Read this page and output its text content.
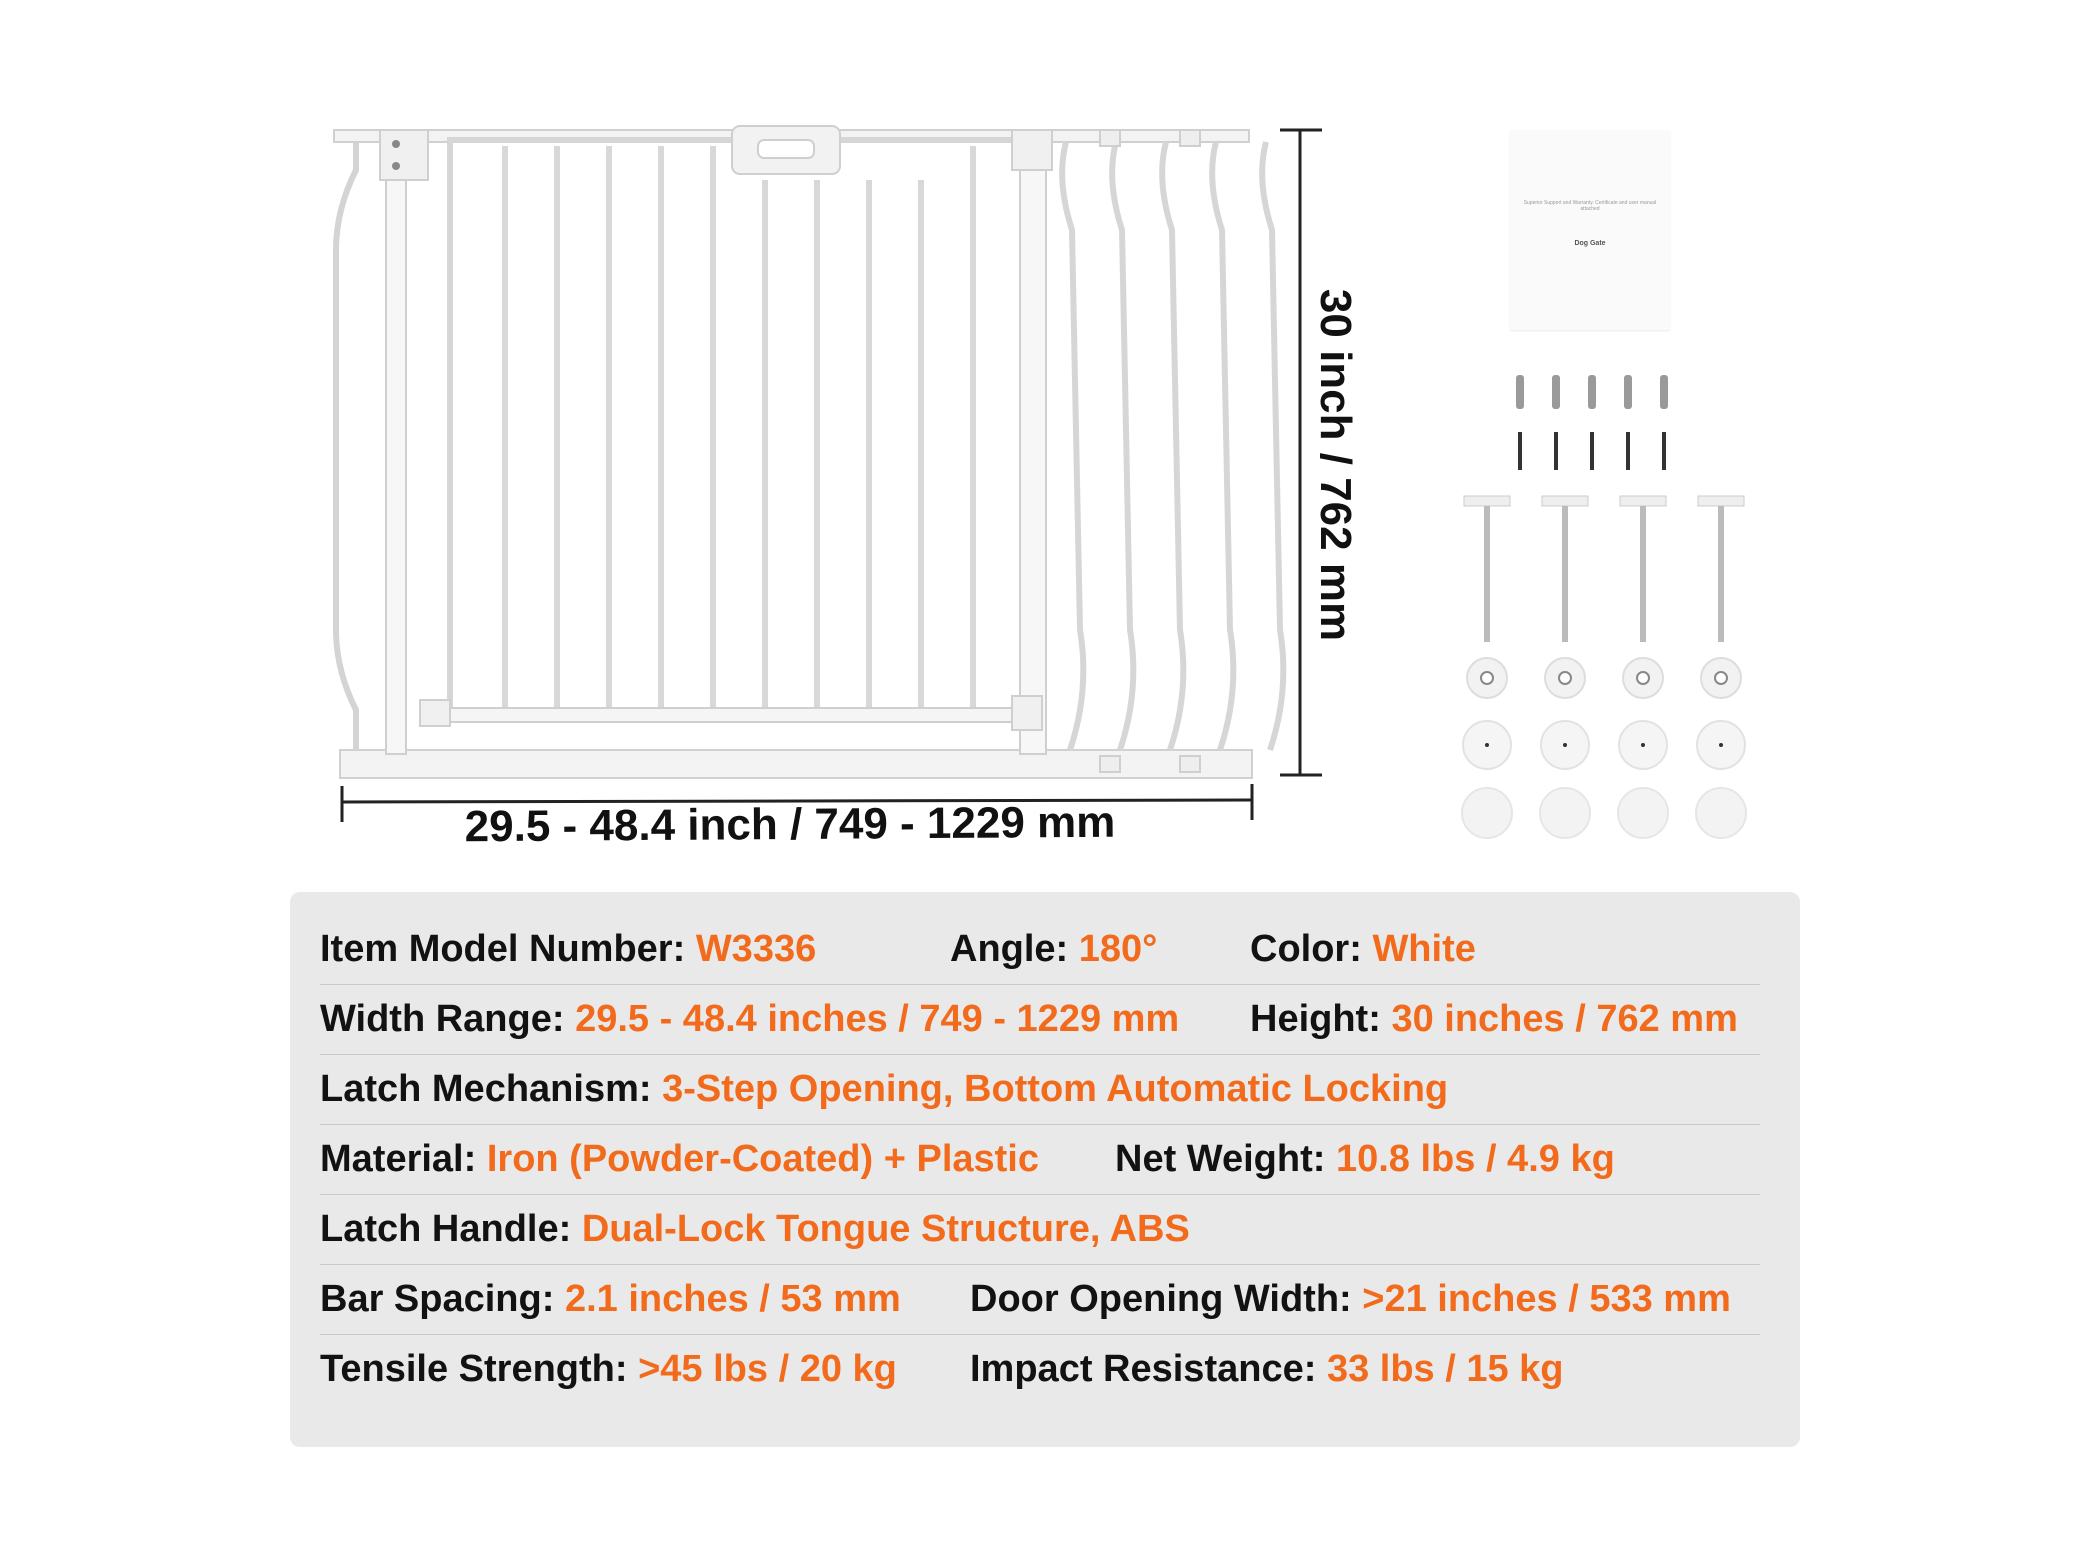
29.5 - 48.4 inch / 749 - 1229 mm
30 inch / 762 mm
Superior Support and Warranty. Certificate and user manual attached
Dog Gate
Item Model Number: W3336	Angle: 180° Color: White
Width Range: 29.5 - 48.4 inches / 749 - 1229 mm Height: 30 inches / 762 mm
Latch Mechanism: 3-Step Opening, Bottom Automatic Locking
Material: Iron (Powder-Coated) + Plastic Net Weight: 10.8 lbs / 4.9 kg
Latch Handle: Dual-Lock Tongue Structure, ABS
Bar Spacing: 2.1 inches / 53 mm Door Opening Width: >21 inches / 533 mm
Tensile Strength: >45 lbs / 20 kg Impact Resistance: 33 lbs / 15 kg
